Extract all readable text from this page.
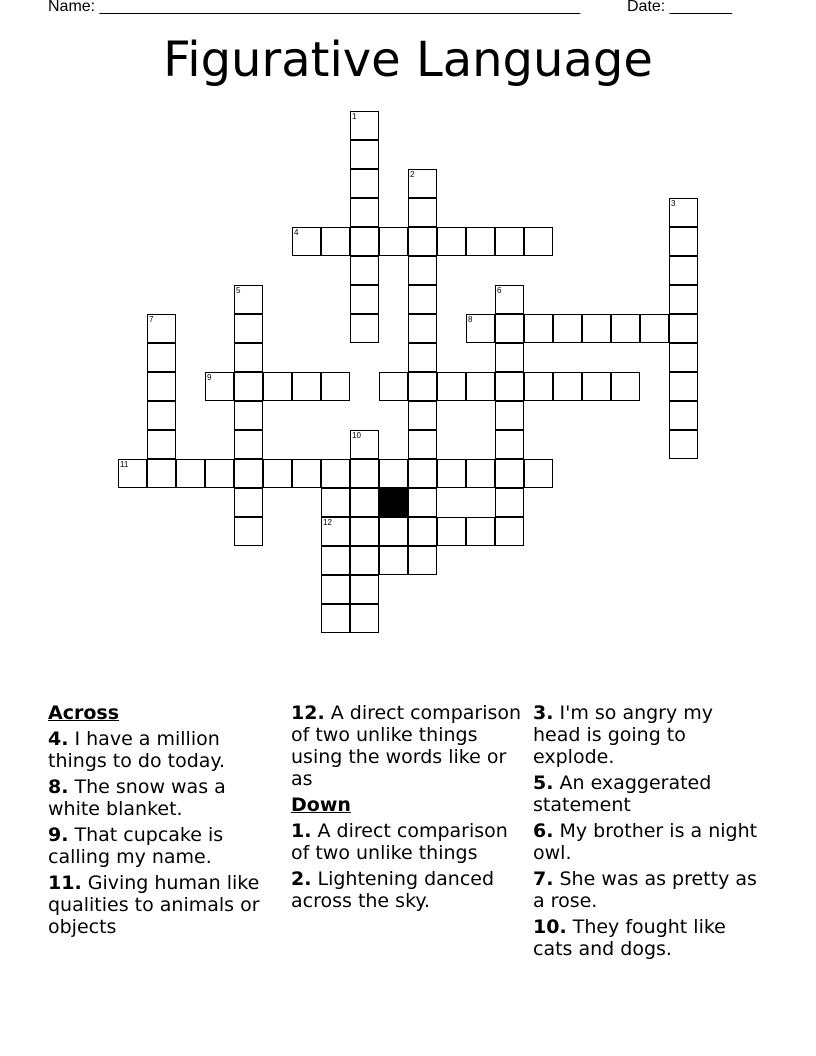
Name: ______________________________________________________	Date: _______
Figurative Language
1
2
3
4
5	6
7	8
9
10
11
12
Across
4. I have a million things to do today.
8. The snow was a white blanket.
9. That cupcake is calling my name.
11. Giving human like qualities to animals or objects
12. A direct comparison of two unlike things using the words like or as
Down
1. A direct comparison of two unlike things
2. Lightening danced across the sky.
3. I'm so angry my head is going to explode.
5. An exaggerated statement
6. My brother is a night owl.
7. She was as pretty as a rose.
10. They fought like cats and dogs.
